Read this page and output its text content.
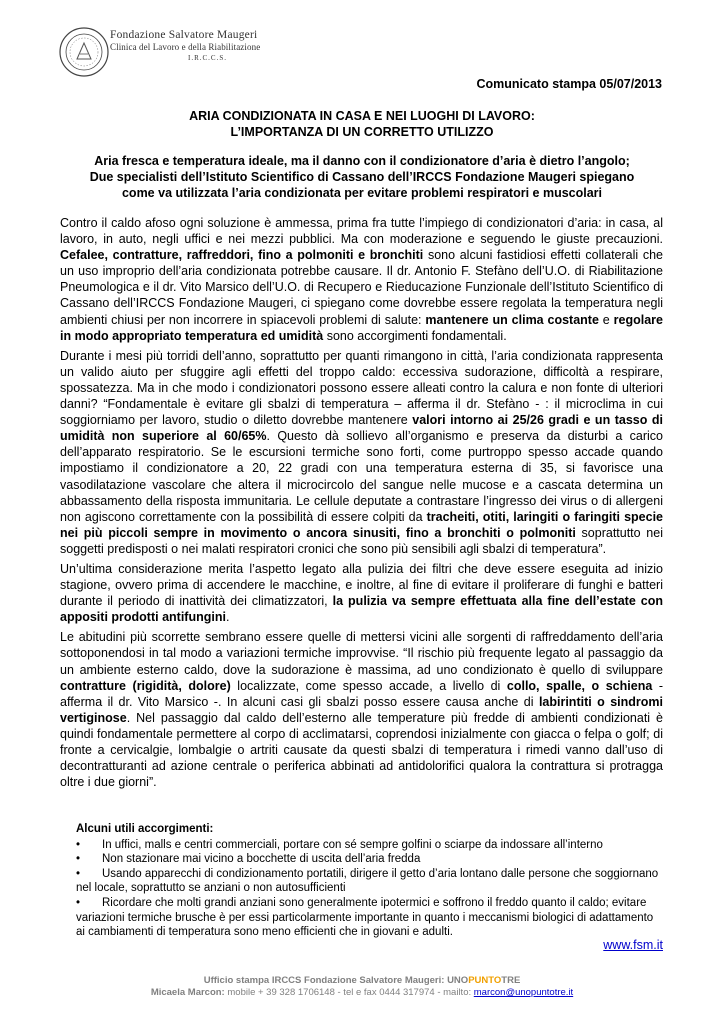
Fondazione Salvatore Maugeri
Clinica del Lavoro e della Riabilitazione
I.R.C.C.S.
Comunicato stampa 05/07/2013
ARIA CONDIZIONATA IN CASA E NEI LUOGHI DI LAVORO:
L’IMPORTANZA DI UN CORRETTO UTILIZZO
Aria fresca e temperatura ideale, ma il danno con il condizionatore d’aria è dietro l’angolo;
Due specialisti dell’Istituto Scientifico di Cassano dell’IRCCS Fondazione Maugeri spiegano
come va utilizzata l’aria condizionata per evitare problemi respiratori e muscolari

Contro il caldo afoso ogni soluzione è ammessa, prima fra tutte l’impiego di condizionatori d’aria: in casa, al lavoro, in auto, negli uffici e nei mezzi pubblici. Ma con moderazione e seguendo le giuste precauzioni. Cefalee, contratture, raffreddori, fino a polmoniti e bronchiti sono alcuni fastidiosi effetti collaterali che un uso improprio dell’aria condizionata potrebbe causare. Il dr. Antonio F. Stefàno dell’U.O. di Riabilitazione Pneumologica e il dr. Vito Marsico dell’U.O. di Recupero e Rieducazione Funzionale dell’Istituto Scientifico di Cassano dell’IRCCS Fondazione Maugeri, ci spiegano come dovrebbe essere regolata la temperatura negli ambienti chiusi per non incorrere in spiacevoli problemi di salute: mantenere un clima costante e regolare in modo appropriato temperatura ed umidità sono accorgimenti fondamentali.

Durante i mesi più torridi dell’anno, soprattutto per quanti rimangono in città, l’aria condizionata rappresenta un valido aiuto per sfuggire agli effetti del troppo caldo: eccessiva sudorazione, difficoltà a respirare, spossatezza. Ma in che modo i condizionatori possono essere alleati contro la calura e non fonte di ulteriori danni? “Fondamentale è evitare gli sbalzi di temperatura – afferma il dr. Stefàno - : il microclima in cui soggiorniamo per lavoro, studio o diletto dovrebbe mantenere valori intorno ai 25/26 gradi e un tasso di umidità non superiore al 60/65%. Questo dà sollievo all’organismo e preserva da disturbi a carico dell’apparato respiratorio. Se le escursioni termiche sono forti, come purtroppo spesso accade quando impostiamo il condizionatore a 20, 22 gradi con una temperatura esterna di 35, si favorisce una vasodilatazione vascolare che altera il microcircolo del sangue nelle mucose e a cascata determina un abbassamento della risposta immunitaria. Le cellule deputate a contrastare l’ingresso dei virus o di allergeni non agiscono correttamente con la possibilità di essere colpiti da tracheiti, otiti, laringiti o faringiti specie nei più piccoli sempre in movimento o ancora sinusiti, fino a bronchiti o polmoniti soprattutto nei soggetti predisposti o nei malati respiratori cronici che sono più sensibili agli sbalzi di temperatura”.

Un’ultima considerazione merita l’aspetto legato alla pulizia dei filtri che deve essere eseguita ad inizio stagione, ovvero prima di accendere le macchine, e inoltre, al fine di evitare il proliferare di funghi e batteri durante il periodo di inattività dei climatizzatori, la pulizia va sempre effettuata alla fine dell’estate con appositi prodotti antifungini.

Le abitudini più scorrette sembrano essere quelle di mettersi vicini alle sorgenti di raffreddamento dell’aria sottoponendosi in tal modo a variazioni termiche improvvise. “Il rischio più frequente legato al passaggio da un ambiente esterno caldo, dove la sudorazione è massima, ad uno condizionato è quello di sviluppare contratture (rigidità, dolore) localizzate, come spesso accade, a livello di collo, spalle, o schiena - afferma il dr. Vito Marsico -. In alcuni casi gli sbalzi posso essere causa anche di labirintiti o sindromi vertiginose. Nel passaggio dal caldo dell’esterno alle temperature più fredde di ambienti condizionati è quindi fondamentale permettere al corpo di acclimatarsi, coprendosi inizialmente con giacca o felpa o golf; di fronte a cervicalgie, lombalgie o artriti causate da questi sbalzi di temperatura i rimedi vanno dall’uso di decontratturanti ad azione centrale o periferica abbinati ad antidolorifici qualora la contrattura si protragga oltre i due giorni”.

Alcuni utili accorgimenti:
• In uffici, malls e centri commerciali, portare con sé sempre golfini o sciarpe da indossare all’interno
• Non stazionare mai vicino a bocchette di uscita dell’aria fredda
• Usando apparecchi di condizionamento portatili, dirigere il getto d’aria lontano dalle persone che soggiornano nel locale, soprattutto se anziani o non autosufficienti
• Ricordare che molti grandi anziani sono generalmente ipotermici e soffrono il freddo quanto il caldo; evitare variazioni termiche brusche è per essi particolarmente importante in quanto i meccanismi biologici di adattamento ai cambiamenti di temperatura sono meno efficienti che in giovani e adulti.
www.fsm.it
Ufficio stampa IRCCS Fondazione Salvatore Maugeri: UNOPUNTOTRE
Micaela Marcon: mobile + 39 328 1706148 - tel e fax 0444 317974 - mailto: marcon@unopuntotre.it
